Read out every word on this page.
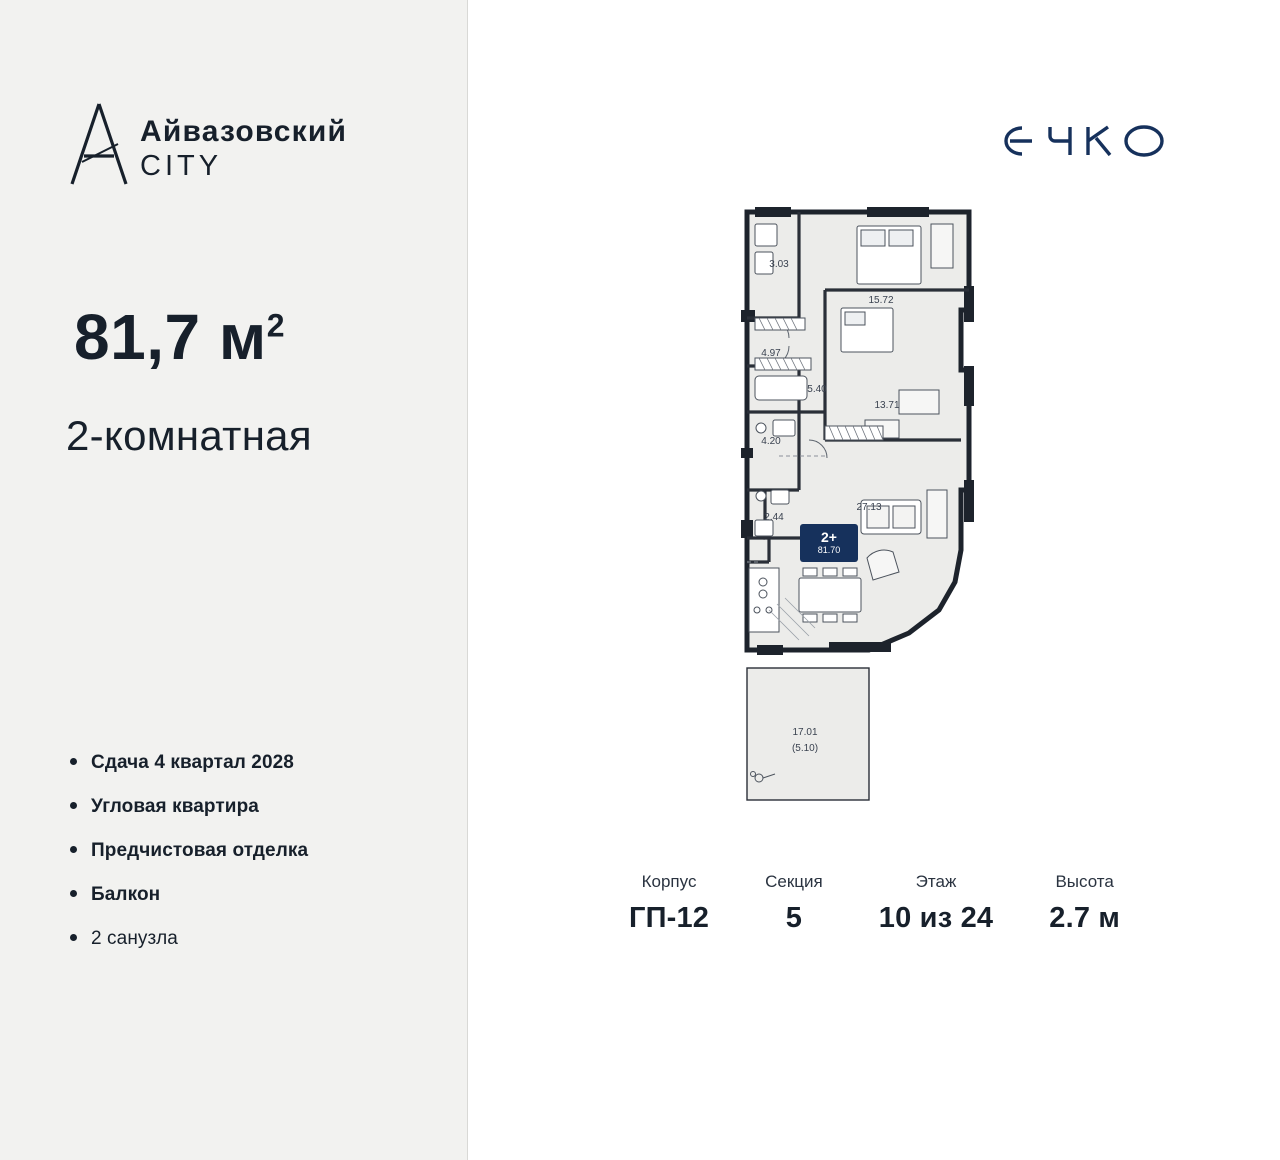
Айвазовский
CITY
81,7 $м^2$
2-комнатная
Сдача 4 квартал 2028
Угловая квартира
Предчистовая отделка
Балкон
2 санузла
3.03
15.72
4.97
5.40
13.71
4.20
27.13
2.44
17.01
(5.10)
2+
81.70
Корпус
ГП-12
Секция
5
Этаж
10 из 24
Высота
2.7 м
